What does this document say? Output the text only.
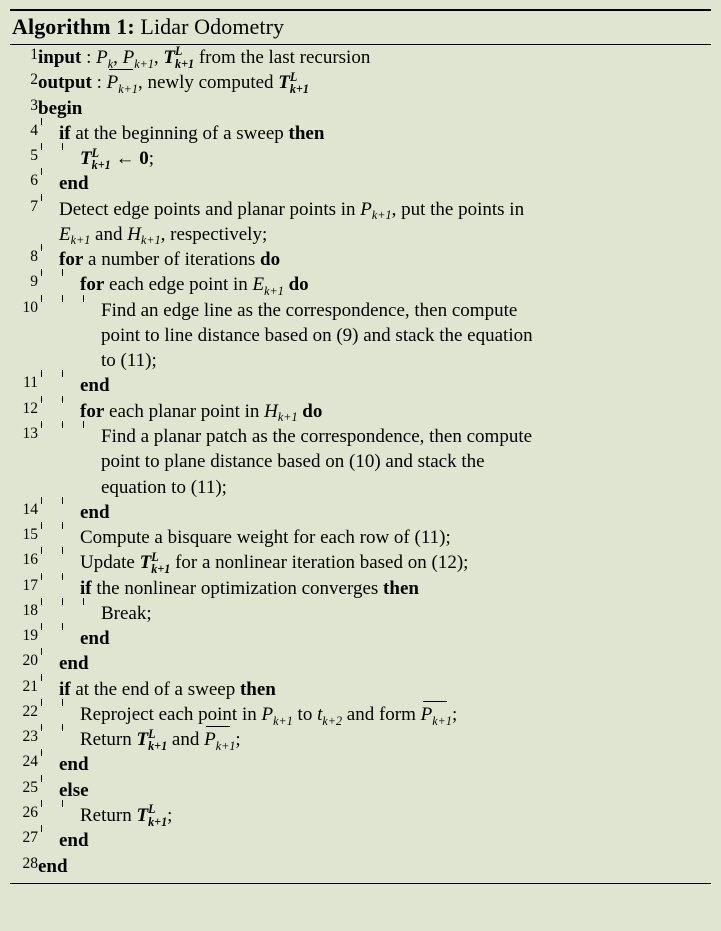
Algorithm 1: Lidar Odometry
1	input : P k , P k+1 , T L
k+1 from the last recursion
2	output : P k+1 , newly computed T L
k+1

3	begin
4	if at the beginning of a sweep then
5	T L
k+1 ← 0;
6	end
7	Detect edge points and planar points in P k+1 , put the points in
E k+1 and H k+1 , respectively;

8	for a number of iterations do
9	for each edge point in E k+1 do
10	Find an edge line as the correspondence, then compute
point to line distance based on (9) and stack the equation
to (11);

11	end
12	for each planar point in H k+1 do
13	Find a planar patch as the correspondence, then compute
point to plane distance based on (10) and stack the
equation to (11);

14	end
15	Compute a bisquare weight for each row of (11);
16	Update T L
k+1 for a nonlinear iteration based on (12);
17	if the nonlinear optimization converges then
18	Break;
19	end
20	end
21	if at the end of a sweep then
22	Reproject each point in P k+1 to t k+2 and form P k+1 ;
23	Return T L
k+1 and P k+1 ;
24	end
25	else
26	Return T L
k+1 ;
27	end
28	end
